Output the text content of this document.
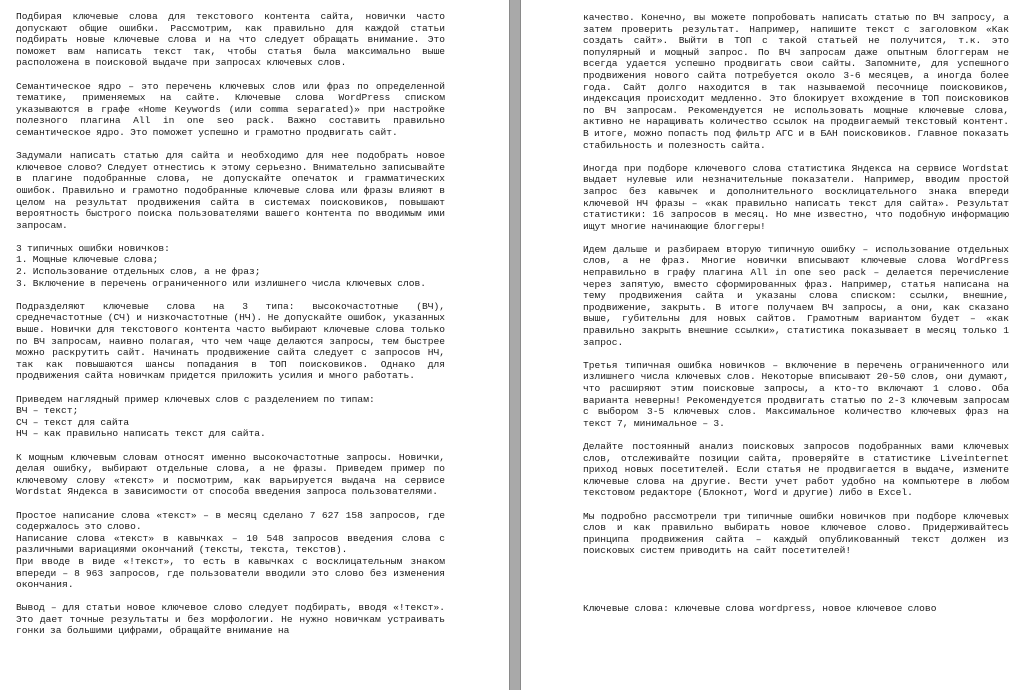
Подбирая ключевые слова для текстового контента сайта, новички часто допускают общие ошибки. Рассмотрим, как правильно для каждой статьи подбирать новые ключевые слова и на что следует обращать внимание. Это поможет вам написать текст так, чтобы статья была максимально выше расположена в поисковой выдаче при запросах ключевых слов.

Семантическое ядро – это перечень ключевых слов или фраз по определенной тематике, применяемых на сайте. Ключевые слова WordPress списком указываются в графе «Home Keywords (или comma separated)» при настройке полезного плагина All in one seo pack. Важно составить правильно семантическое ядро. Это поможет успешно и грамотно продвигать сайт.

Задумали написать статью для сайта и необходимо для нее подобрать новое ключевое слово? Следует отнестись к этому серьезно. Внимательно записывайте в плагине подобранные слова, не допускайте опечаток и грамматических ошибок. Правильно и грамотно подобранные ключевые слова или фразы влияют в целом на результат продвижения сайта в системах поисковиков, повышают вероятность быстрого поиска пользователями вашего контента по вводимым ими запросам.

3 типичных ошибки новичков:
1. Мощные ключевые слова;
2. Использование отдельных слов, а не фраз;

3. Включение в перечень ограниченного или излишнего числа ключевых слов.

Подразделяют ключевые слова на 3 типа: высокочастотные (ВЧ), среднечастотные (СЧ) и низкочастотные (НЧ). Не допускайте ошибок, указанных выше. Новички для текстового контента часто выбирают ключевые слова только по ВЧ запросам, наивно полагая, что чем чаще делаются запросы, тем быстрее можно раскрутить сайт. Начинать продвижение сайта следует с запросов НЧ, так как повышаются шансы попадания в ТОП поисковиков. Однако для продвижения сайта новичкам придется приложить усилия и много работать.

Приведем наглядный пример ключевых слов с разделением по типам:
ВЧ – текст;
СЧ – текст для сайта
НЧ – как правильно написать текст для сайта.

К мощным ключевым словам относят именно высокочастотные запросы. Новички, делая ошибку, выбирают отдельные слова, а не фразы. Приведем пример по ключевому слову «текст» и посмотрим, как варьируется выдача на сервисе Wordstat Яндекса в зависимости от способа введения запроса пользователями.

Простое написание слова «текст» – в месяц сделано 7 627 158 запросов, где содержалось это слово.

Написание слова «текст» в кавычках – 10 548 запросов введения слова с различными вариациями окончаний (тексты, текста, текстов).

При вводе в виде «!текст», то есть в кавычках с восклицательным знаком впереди – 8 963 запросов, где пользователи вводили это слово без изменения окончания.

Вывод – для статьи новое ключевое слово следует подбирать, вводя «!текст». Это дает точные результаты и без морфологии. Не нужно новичкам устраивать гонки за большими цифрами, обращайте внимание на

качество. Конечно, вы можете попробовать написать статью по ВЧ запросу, а затем проверить результат. Например, напишите текст с заголовком «Как создать сайт». Выйти в ТОП с такой статьей не получится, т.к. это популярный и мощный запрос. По ВЧ запросам даже опытным блоггерам не всегда удается успешно продвигать свои сайты. Запомните, для успешного продвижения нового сайта потребуется около 3-6 месяцев, а иногда более года. Сайт долго находится в так называемой песочнице поисковиков, индексация происходит медленно. Это блокирует вхождение в ТОП поисковиков по ВЧ запросам. Рекомендуется не использовать мощные ключевые слова, активно не наращивать количество ссылок на продвигаемый текстовый контент. В итоге, можно попасть под фильтр АГС и в БАН поисковиков. Главное показать стабильность и полезность сайта.

Иногда при подборе ключевого слова статистика Яндекса на сервисе Wordstat выдает нулевые или незначительные показатели. Например, вводим простой запрос без кавычек и дополнительного восклицательного знака впереди ключевой НЧ фразы – «как правильно написать текст для сайта». Результат статистики: 16 запросов в месяц. Но мне известно, что подобную информацию ищут многие начинающие блоггеры!

Идем дальше и разбираем вторую типичную ошибку – использование отдельных слов, а не фраз. Многие новички вписывают ключевые слова WordPress неправильно в графу плагина All in one seo pack – делается перечисление через запятую, вместо сформированных фраз. Например, статья написана на тему продвижения сайта и указаны слова списком: ссылки, внешние, продвижение, закрыть. В итоге получаем ВЧ запросы, а они, как сказано выше, губительны для новых сайтов. Грамотным вариантом будет – «как правильно закрыть внешние ссылки», статистика показывает в месяц только 1 запрос.

Третья типичная ошибка новичков – включение в перечень ограниченного или излишнего числа ключевых слов. Некоторые вписывают 20-50 слов, они думают, что расширяют этим поисковые запросы, а кто-то включают 1 слово. Оба варианта неверны! Рекомендуется продвигать статью по 2-3 ключевым запросам с выбором 3-5 ключевых слов. Максимальное количество ключевых фраз на текст 7, минимальное – 3.

Делайте постоянный анализ поисковых запросов подобранных вами ключевых слов, отслеживайте позиции сайта, проверяйте в статистике Liveinternet приход новых посетителей. Если статья не продвигается в выдаче, измените ключевые слова на другие. Вести учет работ удобно на компьютере в любом текстовом редакторе (Блокнот, Word и другие) либо в Excel.

Мы подробно рассмотрели три типичные ошибки новичков при подборе ключевых слов и как правильно выбирать новое ключевое слово. Придерживайтесь принципа продвижения сайта – каждый опубликованный текст должен из поисковых систем приводить на сайт посетителей!

Ключевые слова: ключевые слова wordpress, новое ключевое слово
